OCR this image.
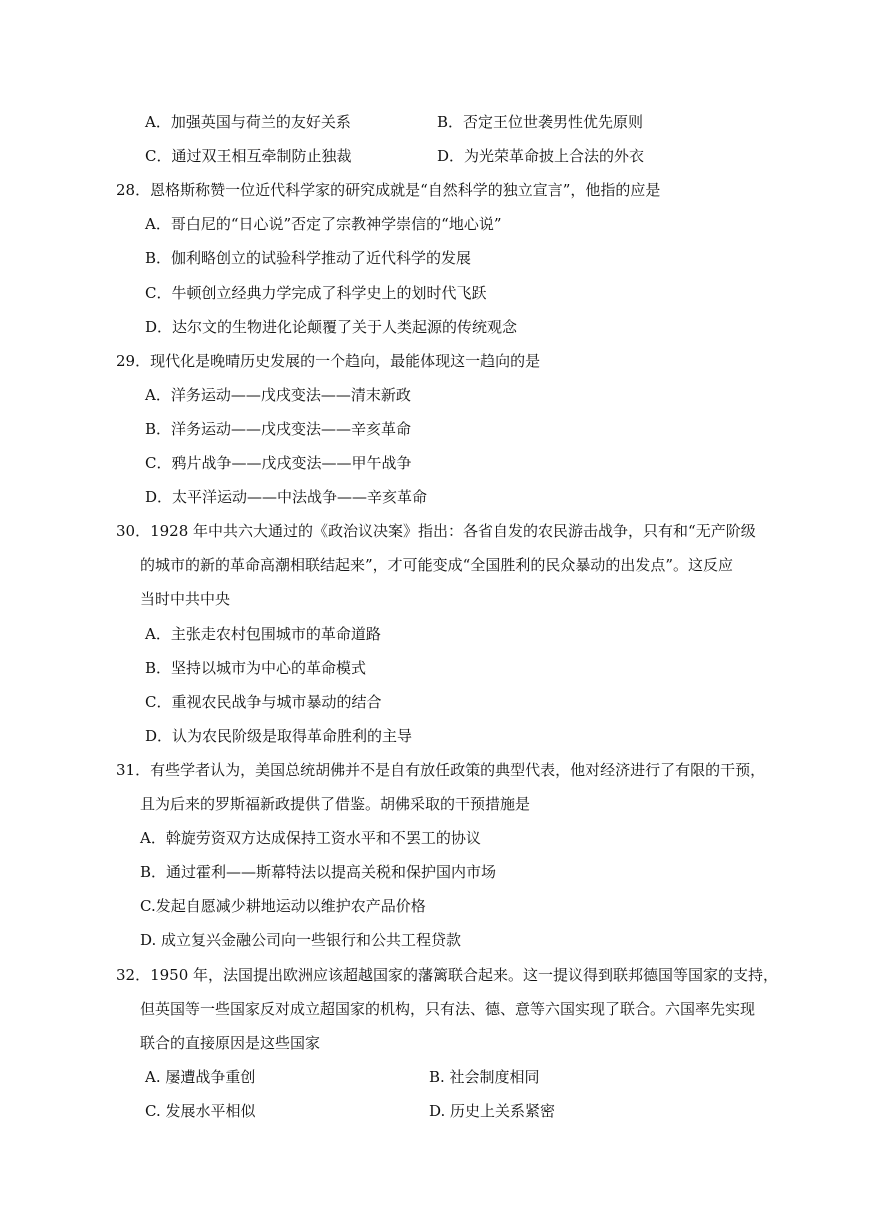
A．加强英国与荷兰的友好关系	B．否定王位世袭男性优先原则
C．通过双王相互牵制防止独裁	D．为光荣革命披上合法的外衣
28．恩格斯称赞一位近代科学家的研究成就是“自然科学的独立宣言”，他指的应是
A．哥白尼的“日心说”否定了宗教神学崇信的“地心说”
B．伽利略创立的试验科学推动了近代科学的发展
C．牛顿创立经典力学完成了科学史上的划时代飞跃
D．达尔文的生物进化论颠覆了关于人类起源的传统观念
29．现代化是晚晴历史发展的一个趋向，最能体现这一趋向的是
A．洋务运动——戊戌变法——清末新政
B．洋务运动——戊戌变法——辛亥革命
C．鸦片战争——戊戌变法——甲午战争
D．太平洋运动——中法战争——辛亥革命
30．1928 年中共六大通过的《政治议决案》指出：各省自发的农民游击战争，只有和“无产阶级
的城市的新的革命高潮相联结起来”，才可能变成“全国胜利的民众暴动的出发点”。这反应
当时中共中央
A．主张走农村包围城市的革命道路
B．坚持以城市为中心的革命模式
C．重视农民战争与城市暴动的结合
D．认为农民阶级是取得革命胜利的主导
31．有些学者认为，美国总统胡佛并不是自有放任政策的典型代表，他对经济进行了有限的干预，
且为后来的罗斯福新政提供了借鉴。胡佛采取的干预措施是
A．斡旋劳资双方达成保持工资水平和不罢工的协议
B．通过霍利——斯幕特法以提高关税和保护国内市场
C.发起自愿减少耕地运动以维护农产品价格
D. 成立复兴金融公司向一些银行和公共工程贷款
32．1950 年，法国提出欧洲应该超越国家的藩篱联合起来。这一提议得到联邦德国等国家的支持，
但英国等一些国家反对成立超国家的机构，只有法、德、意等六国实现了联合。六国率先实现
联合的直接原因是这些国家
A. 屡遭战争重创	B. 社会制度相同
C. 发展水平相似	D. 历史上关系紧密
